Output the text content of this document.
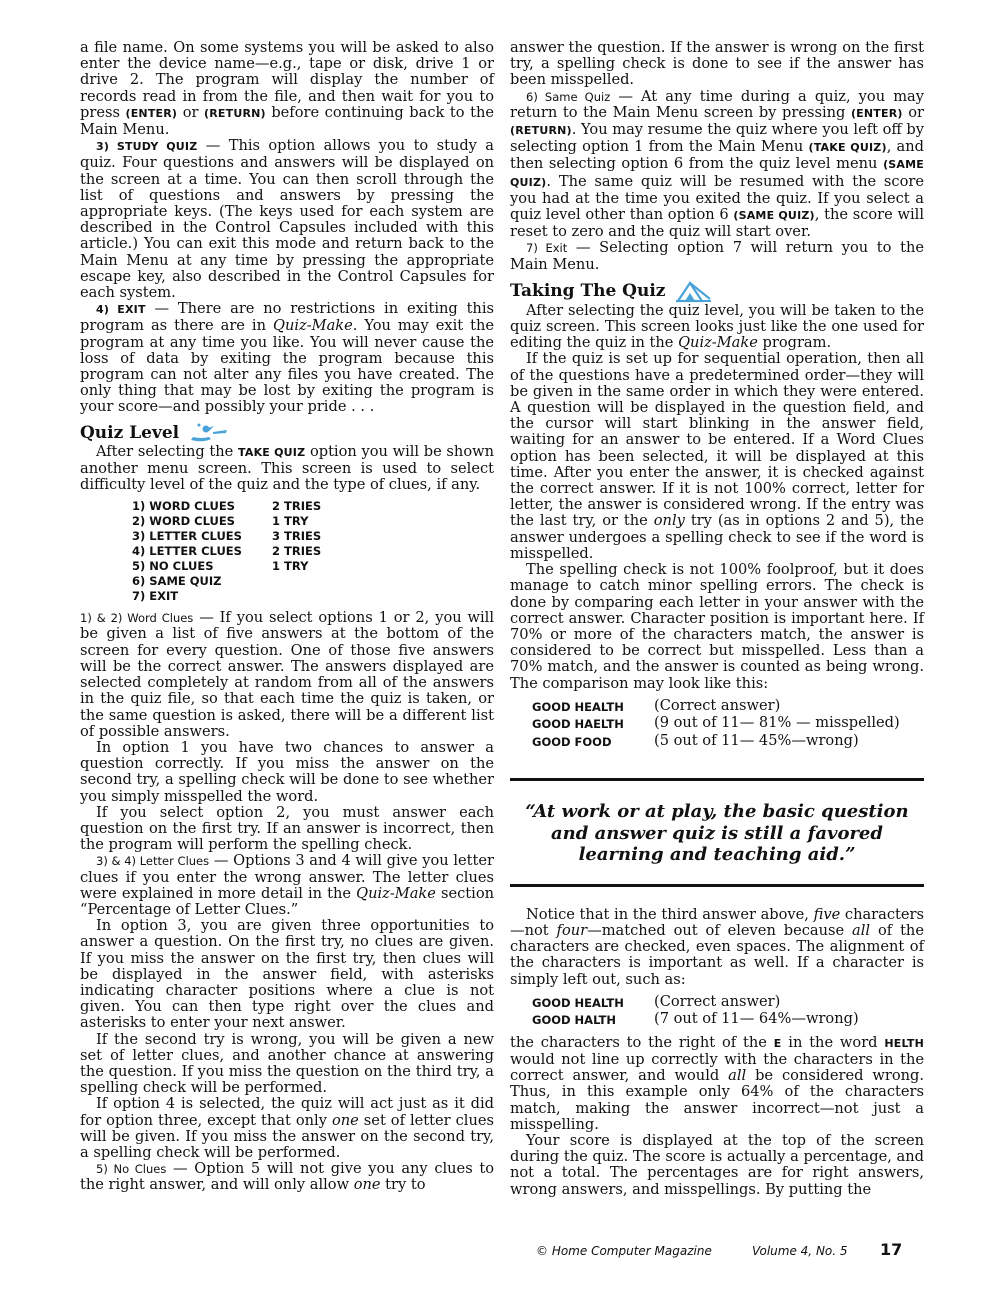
a file name. On some systems you will be asked to also enter the device name—e.g., tape or disk, drive 1 or drive 2. The program will display the number of records read in from the file, and then wait for you to press (ENTER) or (RETURN) before continuing back to the Main Menu.

3) STUDY QUIZ — This option allows you to study a quiz. Four questions and answers will be displayed on the screen at a time. You can then scroll through the list of questions and answers by pressing the appropriate keys. (The keys used for each system are described in the Control Capsules included with this article.) You can exit this mode and return back to the Main Menu at any time by pressing the appropriate escape key, also described in the Control Capsules for each system.

4) EXIT — There are no restrictions in exiting this program as there are in Quiz-Make. You may exit the program at any time you like. You will never cause the loss of data by exiting the program because this program can not alter any files you have created. The only thing that may be lost by exiting the program is your score—and possibly your pride . . .

Quiz Level

After selecting the TAKE QUIZ option you will be shown another menu screen. This screen is used to select difficulty level of the quiz and the type of clues, if any.

1) WORD CLUES	2 TRIES
2) WORD CLUES	1 TRY
3) LETTER CLUES	3 TRIES
4) LETTER CLUES	2 TRIES
5) NO CLUES	1 TRY
6) SAME QUIZ
7) EXIT

1) & 2) Word Clues — If you select options 1 or 2, you will be given a list of five answers at the bottom of the screen for every question. One of those five answers will be the correct answer. The answers displayed are selected completely at random from all of the answers in the quiz file, so that each time the quiz is taken, or the same question is asked, there will be a different list of possible answers.

In option 1 you have two chances to answer a question correctly. If you miss the answer on the second try, a spelling check will be done to see whether you simply misspelled the word.

If you select option 2, you must answer each question on the first try. If an answer is incorrect, then the program will perform the spelling check.

3) & 4) Letter Clues — Options 3 and 4 will give you letter clues if you enter the wrong answer. The letter clues were explained in more detail in the Quiz-Make section “Percentage of Letter Clues.”

In option 3, you are given three opportunities to answer a question. On the first try, no clues are given. If you miss the answer on the first try, then clues will be displayed in the answer field, with asterisks indicating character positions where a clue is not given. You can then type right over the clues and asterisks to enter your next answer.

If the second try is wrong, you will be given a new set of letter clues, and another chance at answering the question. If you miss the question on the third try, a spelling check will be performed.

If option 4 is selected, the quiz will act just as it did for option three, except that only one set of letter clues will be given. If you miss the answer on the second try, a spelling check will be performed.

5) No Clues — Option 5 will not give you any clues to the right answer, and will only allow one try to

answer the question. If the answer is wrong on the first try, a spelling check is done to see if the answer has been misspelled.

6) Same Quiz — At any time during a quiz, you may return to the Main Menu screen by pressing (ENTER) or (RETURN). You may resume the quiz where you left off by selecting option 1 from the Main Menu (TAKE QUIZ), and then selecting option 6 from the quiz level menu (SAME QUIZ). The same quiz will be resumed with the score you had at the time you exited the quiz. If you select a quiz level other than option 6 (SAME QUIZ), the score will reset to zero and the quiz will start over.

7) Exit — Selecting option 7 will return you to the Main Menu.

Taking The Quiz

After selecting the quiz level, you will be taken to the quiz screen. This screen looks just like the one used for editing the quiz in the Quiz-Make program.

If the quiz is set up for sequential operation, then all of the questions have a predetermined order—they will be given in the same order in which they were entered. A question will be displayed in the question field, and the cursor will start blinking in the answer field, waiting for an answer to be entered. If a Word Clues option has been selected, it will be displayed at this time. After you enter the answer, it is checked against the correct answer. If it is not 100% correct, letter for letter, the answer is considered wrong. If the entry was the last try, or the only try (as in options 2 and 5), the answer undergoes a spelling check to see if the word is misspelled.

The spelling check is not 100% foolproof, but it does manage to catch minor spelling errors. The check is done by comparing each letter in your answer with the correct answer. Character position is important here. If 70% or more of the characters match, the answer is considered to be correct but misspelled. Less than a 70% match, and the answer is counted as being wrong. The comparison may look like this:

GOOD HEALTH	(Correct answer)
GOOD HAELTH	(9 out of 11— 81% — misspelled)
GOOD FOOD	(5 out of 11— 45%—wrong)
“At work or at play, the basic question and answer quiz is still a favored learning and teaching aid.”

Notice that in the third answer above, five characters—not four—matched out of eleven because all of the characters are checked, even spaces. The alignment of the characters is important as well. If a character is simply left out, such as:

GOOD HEALTH	(Correct answer)
GOOD HALTH	(7 out of 11— 64%—wrong)

the characters to the right of the E in the word HELTH would not line up correctly with the characters in the correct answer, and would all be considered wrong. Thus, in this example only 64% of the characters match, making the answer incorrect—not just a misspelling.

Your score is displayed at the top of the screen during the quiz. The score is actually a percentage, and not a total. The percentages are for right answers, wrong answers, and misspellings. By putting the

© Home Computer Magazine	Volume 4, No. 5	17
